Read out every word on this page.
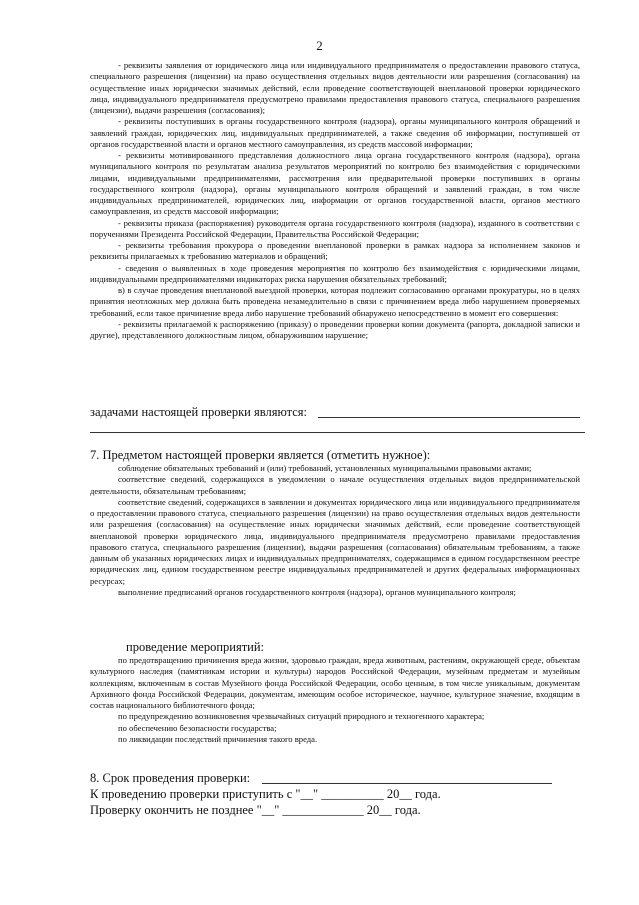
2

- реквизиты заявления от юридического лица или индивидуального предпринимателя о предоставлении правового статуса, специального разрешения (лицензии) на право осуществления отдельных видов деятельности или разрешения (согласования) на осуществление иных юридически значимых действий, если проведение соответствующей внеплановой проверки юридического лица, индивидуального предпринимателя предусмотрено правилами предоставления правового статуса, специального разрешения (лицензии), выдачи разрешения (согласования);

- реквизиты поступивших в органы государственного контроля (надзора), органы муниципального контроля обращений и заявлений граждан, юридических лиц, индивидуальных предпринимателей, а также сведения об информации, поступившей от органов государственной власти и органов местного самоуправления, из средств массовой информации;

- реквизиты мотивированного представления должностного лица органа государственного контроля (надзора), органа муниципального контроля по результатам анализа результатов мероприятий по контролю без взаимодействия с юридическими лицами, индивидуальными предпринимателями, рассмотрения или предварительной проверки поступивших в органы государственного контроля (надзора), органы муниципального контроля обращений и заявлений граждан, в том числе индивидуальных предпринимателей, юридических лиц, информации от органов государственной власти, органов местного самоуправления, из средств массовой информации;

- реквизиты приказа (распоряжения) руководителя органа государственного контроля (надзора), изданного в соответствии с поручениями Президента Российской Федерации, Правительства Российской Федерации;

- реквизиты требования прокурора о проведении внеплановой проверки в рамках надзора за исполнением законов и реквизиты прилагаемых к требованию материалов и обращений;

- сведения о выявленных в ходе проведения мероприятия по контролю без взаимодействия с юридическими лицами, индивидуальными предпринимателями индикаторах риска нарушения обязательных требований;

в) в случае проведения внеплановой выездной проверки, которая подлежит согласованию органами прокуратуры, но в целях принятия неотложных мер должна быть проведена незамедлительно в связи с причинением вреда либо нарушением проверяемых требований, если такое причинение вреда либо нарушение требований обнаружено непосредственно в момент его совершения:

- реквизиты прилагаемой к распоряжению (приказу) о проведении проверки копии документа (рапорта, докладной записки и другие), представленного должностным лицом, обнаружившим нарушение;

задачами настоящей проверки являются:
7. Предметом настоящей проверки является (отметить нужное):

соблюдение обязательных требований и (или) требований, установленных муниципальными правовыми актами;

соответствие сведений, содержащихся в уведомлении о начале осуществления отдельных видов предпринимательской деятельности, обязательным требованиям;

соответствие сведений, содержащихся в заявлении и документах юридического лица или индивидуального предпринимателя о предоставлении правового статуса, специального разрешения (лицензии) на право осуществления отдельных видов деятельности или разрешения (согласования) на осуществление иных юридически значимых действий, если проведение соответствующей внеплановой проверки юридического лица, индивидуального предпринимателя предусмотрено правилами предоставления правового статуса, специального разрешения (лицензии), выдачи разрешения (согласования) обязательным требованиям, а также данным об указанных юридических лицах и индивидуальных предпринимателях, содержащимся в едином государственном реестре юридических лиц, едином государственном реестре индивидуальных предпринимателей и других федеральных информационных ресурсах;

выполнение предписаний органов государственного контроля (надзора), органов муниципального контроля;

проведение мероприятий:

по предотвращению причинения вреда жизни, здоровью граждан, вреда животным, растениям, окружающей среде, объектам культурного наследия (памятникам истории и культуры) народов Российской Федерации, музейным предметам и музейным коллекциям, включенным в состав Музейного фонда Российской Федерации, особо ценным, в том числе уникальным, документам Архивного фонда Российской Федерации, документам, имеющим особое историческое, научное, культурное значение, входящим в состав национального библиотечного фонда;

по предупреждению возникновения чрезвычайных ситуаций природного и техногенного характера;

по обеспечению безопасности государства;

по ликвидации последствий причинения такого вреда.

8. Срок проведения проверки:
К проведению проверки приступить с "__" __________ 20__ года.
Проверку окончить не позднее "__" _____________ 20__ года.
